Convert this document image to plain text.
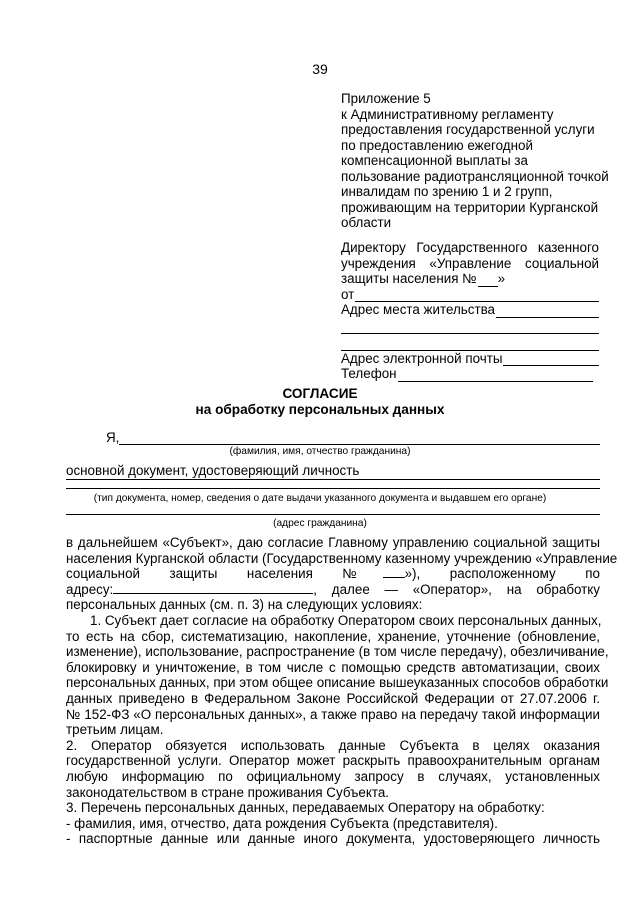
39
Приложение 5
к Административному регламенту
предоставления государственной услуги
по предоставлению ежегодной
компенсационной выплаты за
пользование радиотрансляционной точкой
инвалидам по зрению 1 и 2 групп,
проживающим на территории Курганской
области
Директору Государственного казенного
учреждения «Управление социальной
защиты населения № »
от
Адрес места жительства
Адрес электронной почты
Телефон
СОГЛАСИЕ
на обработку персональных данных
Я,
(фамилия, имя, отчество гражданина)
основной документ, удостоверяющий личность
(тип документа, номер, сведения о дате выдачи указанного документа и выдавшем его органе)
(адрес гражданина)

в дальнейшем «Субъект», даю согласие Главному управлению социальной защиты

населения Курганской области (Государственному казенному учреждению «Управление

социальной защиты населения № »), расположенному по

адресу:	, далее — «Оператор», на обработку

персональных данных (см. п. 3) на следующих условиях:

1. Субъект дает согласие на обработку Оператором своих персональных данных,

то есть на сбор, систематизацию, накопление, хранение, уточнение (обновление,

изменение), использование, распространение (в том числе передачу), обезличивание,

блокировку и уничтожение, в том числе с помощью средств автоматизации, своих

персональных данных, при этом общее описание вышеуказанных способов обработки

данных приведено в Федеральном Законе Российской Федерации от 27.07.2006 г.

№ 152-ФЗ «О персональных данных», а также право на передачу такой информации

третьим лицам.

2. Оператор обязуется использовать данные Субъекта в целях оказания

государственной услуги. Оператор может раскрыть правоохранительным органам

любую информацию по официальному запросу в случаях, установленных

законодательством в стране проживания Субъекта.

3. Перечень персональных данных, передаваемых Оператору на обработку:

- фамилия, имя, отчество, дата рождения Субъекта (представителя).

- паспортные данные или данные иного документа, удостоверяющего личность
